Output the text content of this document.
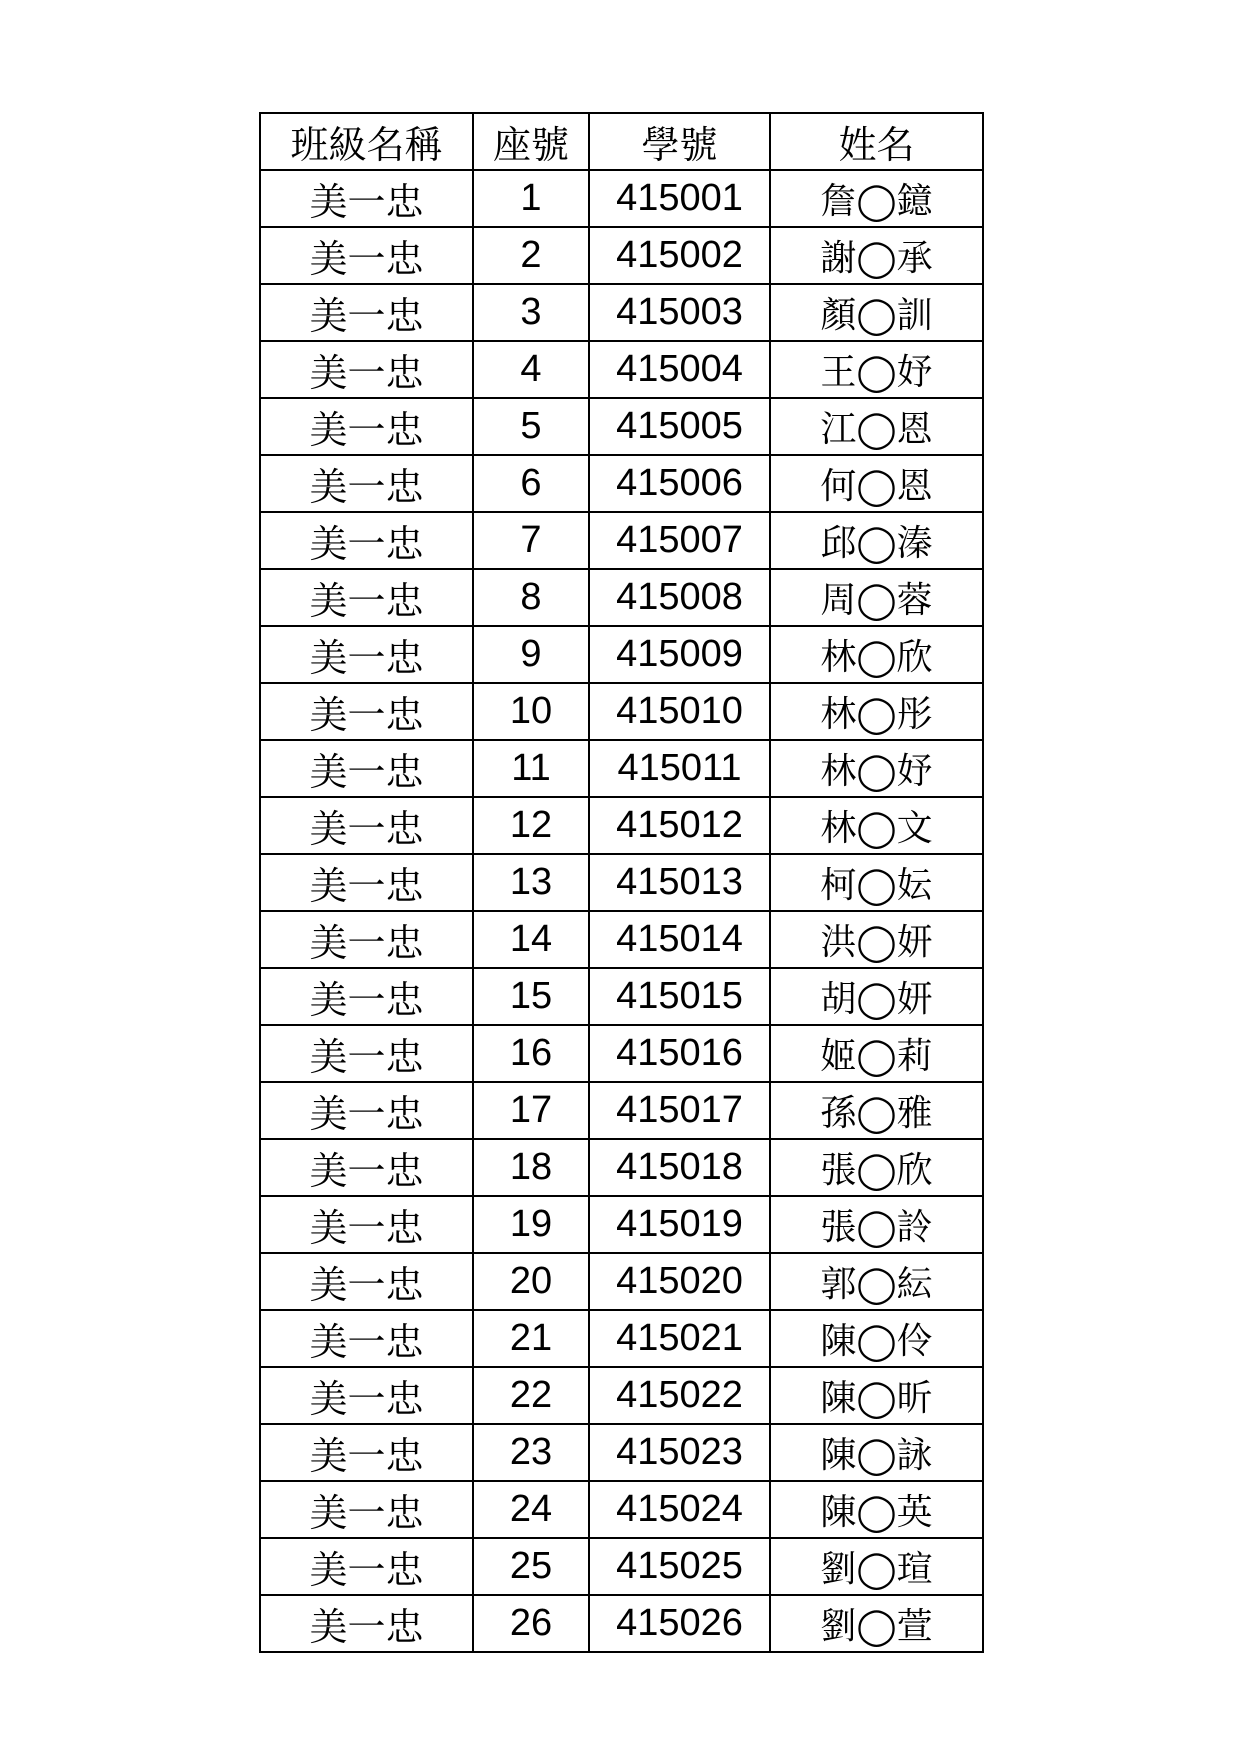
班級名稱	座號	學號	姓名
美一忠	1	415001	詹◯鐿
美一忠	2	415002	謝◯承
美一忠	3	415003	顏◯訓
美一忠	4	415004	王◯妤
美一忠	5	415005	江◯恩
美一忠	6	415006	何◯恩
美一忠	7	415007	邱◯溱
美一忠	8	415008	周◯蓉
美一忠	9	415009	林◯欣
美一忠	10	415010	林◯彤
美一忠	11	415011	林◯妤
美一忠	12	415012	林◯文
美一忠	13	415013	柯◯妘
美一忠	14	415014	洪◯妍
美一忠	15	415015	胡◯妍
美一忠	16	415016	姬◯莉
美一忠	17	415017	孫◯雅
美一忠	18	415018	張◯欣
美一忠	19	415019	張◯詅
美一忠	20	415020	郭◯紜
美一忠	21	415021	陳◯伶
美一忠	22	415022	陳◯昕
美一忠	23	415023	陳◯詠
美一忠	24	415024	陳◯英
美一忠	25	415025	劉◯瑄
美一忠	26	415026	劉◯萱
